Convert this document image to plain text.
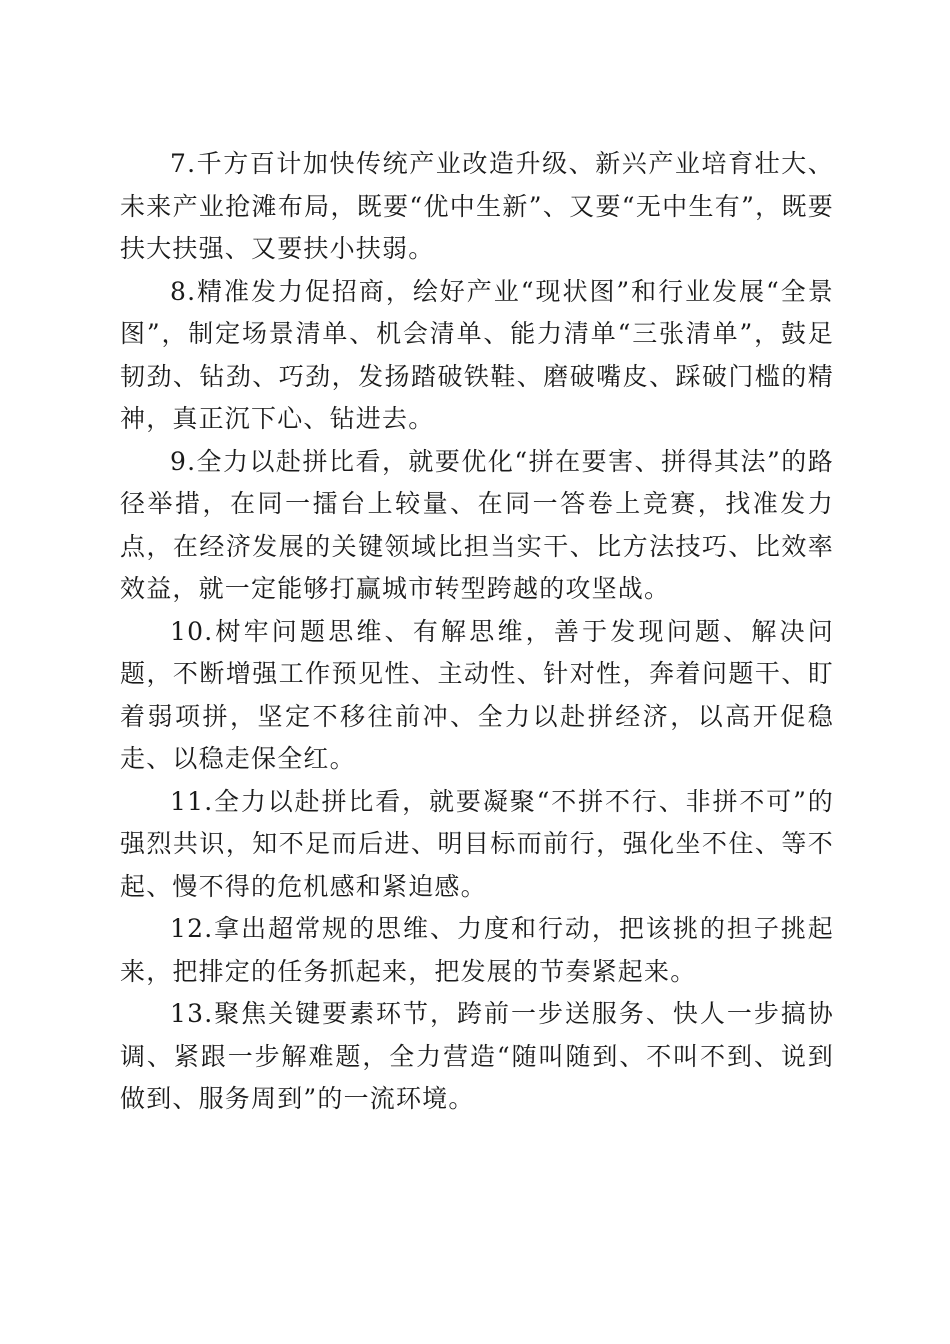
7.千方百计加快传统产业改造升级、新兴产业培育壮大、未来产业抢滩布局，既要“优中生新”、又要“无中生有”，既要扶大扶强、又要扶小扶弱。

8.精准发力促招商，绘好产业“现状图”和行业发展“全景图”，制定场景清单、机会清单、能力清单“三张清单”，鼓足韧劲、钻劲、巧劲，发扬踏破铁鞋、磨破嘴皮、踩破门槛的精神，真正沉下心、钻进去。

9.全力以赴拼比看，就要优化“拼在要害、拼得其法”的路径举措，在同一擂台上较量、在同一答卷上竞赛，找准发力点，在经济发展的关键领域比担当实干、比方法技巧、比效率效益，就一定能够打赢城市转型跨越的攻坚战。

10.树牢问题思维、有解思维，善于发现问题、解决问题，不断增强工作预见性、主动性、针对性，奔着问题干、盯着弱项拼，坚定不移往前冲、全力以赴拼经济，以高开促稳走、以稳走保全红。

11.全力以赴拼比看，就要凝聚“不拼不行、非拼不可”的强烈共识，知不足而后进、明目标而前行，强化坐不住、等不起、慢不得的危机感和紧迫感。

12.拿出超常规的思维、力度和行动，把该挑的担子挑起来，把排定的任务抓起来，把发展的节奏紧起来。

13.聚焦关键要素环节，跨前一步送服务、快人一步搞协调、紧跟一步解难题，全力营造“随叫随到、不叫不到、说到做到、服务周到”的一流环境。
